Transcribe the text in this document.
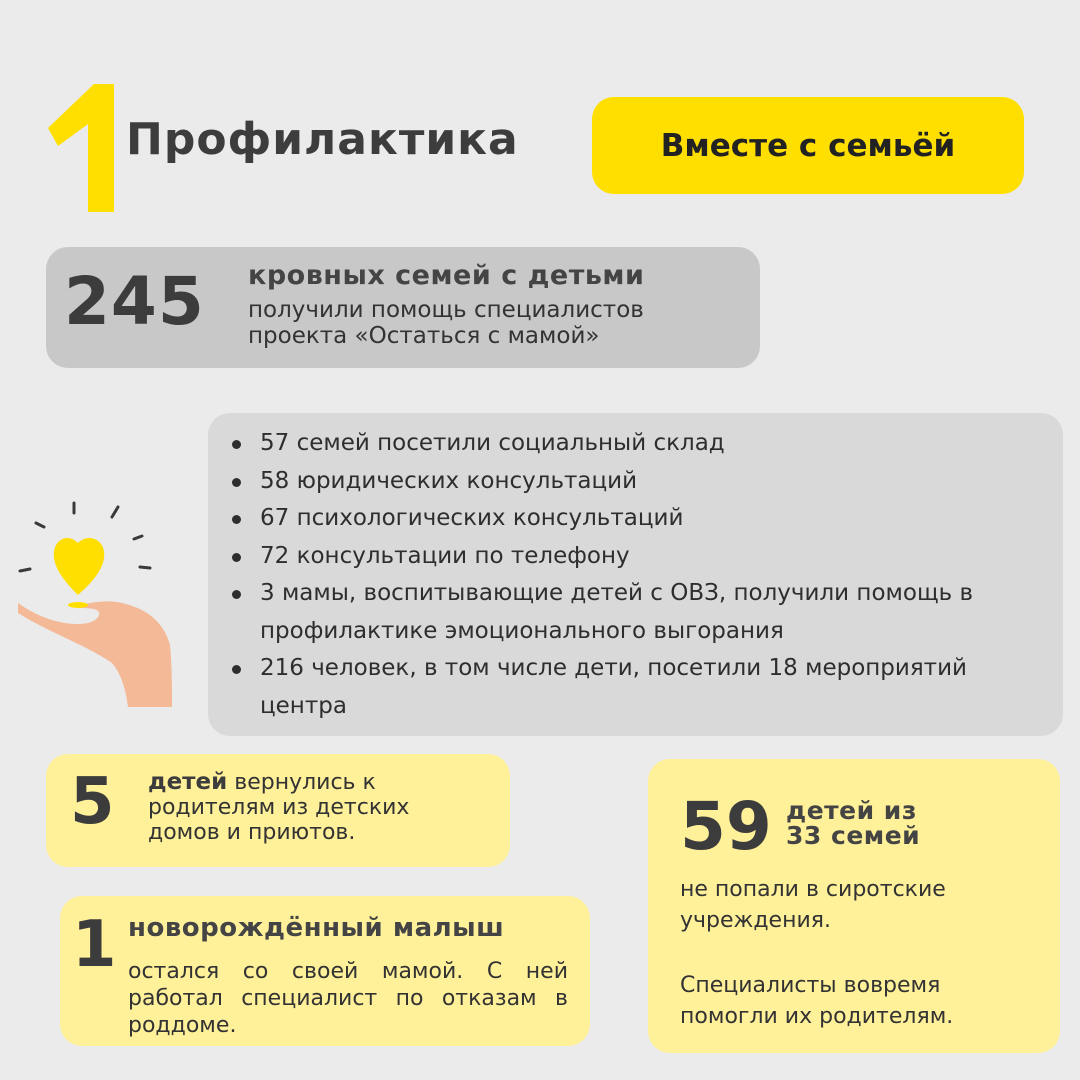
Профилактика	Вместе с семьёй
245 кровных семей с детьми
получили помощь специалистов
проекта «Остаться с мамой»
57 семей посетили социальный склад
58 юридических консультаций
67 психологических консультаций
72 консультации по телефону
3 мамы, воспитывающие детей с ОВЗ, получили помощь в профилактике эмоционального выгорания
216 человек, в том числе дети, посетили 18 мероприятий центра
5 детей вернулись к родителям из детских домов и приютов.
1 новорождённый малыш
остался со своей мамой. С ней работал специалист по отказам в роддоме.
59 детей из
33 семей
не попали в сиротские учреждения.
Специалисты вовремя помогли их родителям.
